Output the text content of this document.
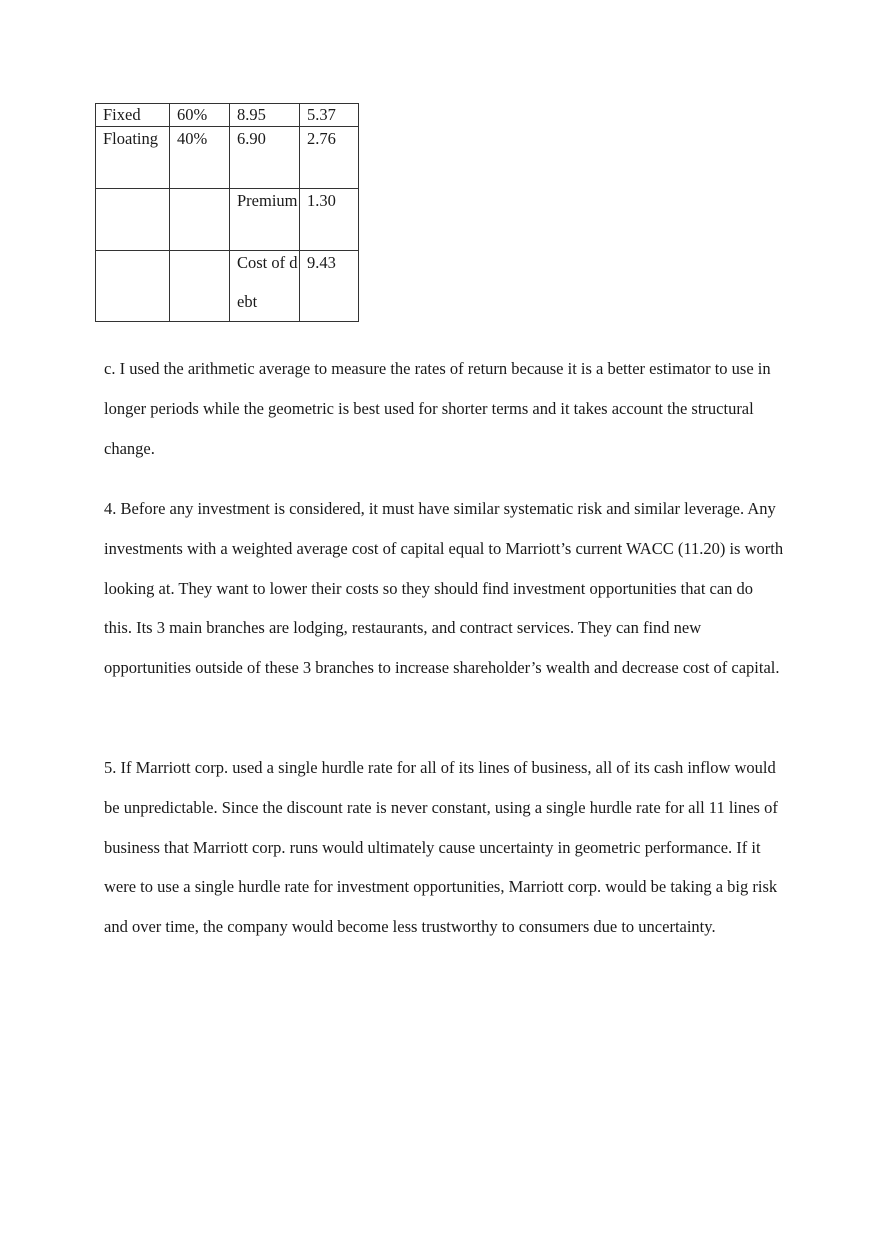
Fixed	60%	8.95	5.37

Floating	40%	6.90	2.76

		Premium	1.30

		Cost of debt	9.43

c. I used the arithmetic average to measure the rates of return because it is a better estimator to use in longer periods while the geometric is best used for shorter terms and it takes account the structural change.

4. Before any investment is considered, it must have similar systematic risk and similar leverage. Any investments with a weighted average cost of capital equal to Marriott’s current WACC (11.20) is worth looking at. They want to lower their costs so they should find investment opportunities that can do this. Its 3 main branches are lodging, restaurants, and contract services. They can find new opportunities outside of these 3 branches to increase shareholder’s wealth and decrease cost of capital.

5. If Marriott corp. used a single hurdle rate for all of its lines of business, all of its cash inflow would be unpredictable. Since the discount rate is never constant, using a single hurdle rate for all 11 lines of business that Marriott corp. runs would ultimately cause uncertainty in geometric performance. If it were to use a single hurdle rate for investment opportunities, Marriott corp. would be taking a big risk and over time, the company would become less trustworthy to consumers due to uncertainty.
